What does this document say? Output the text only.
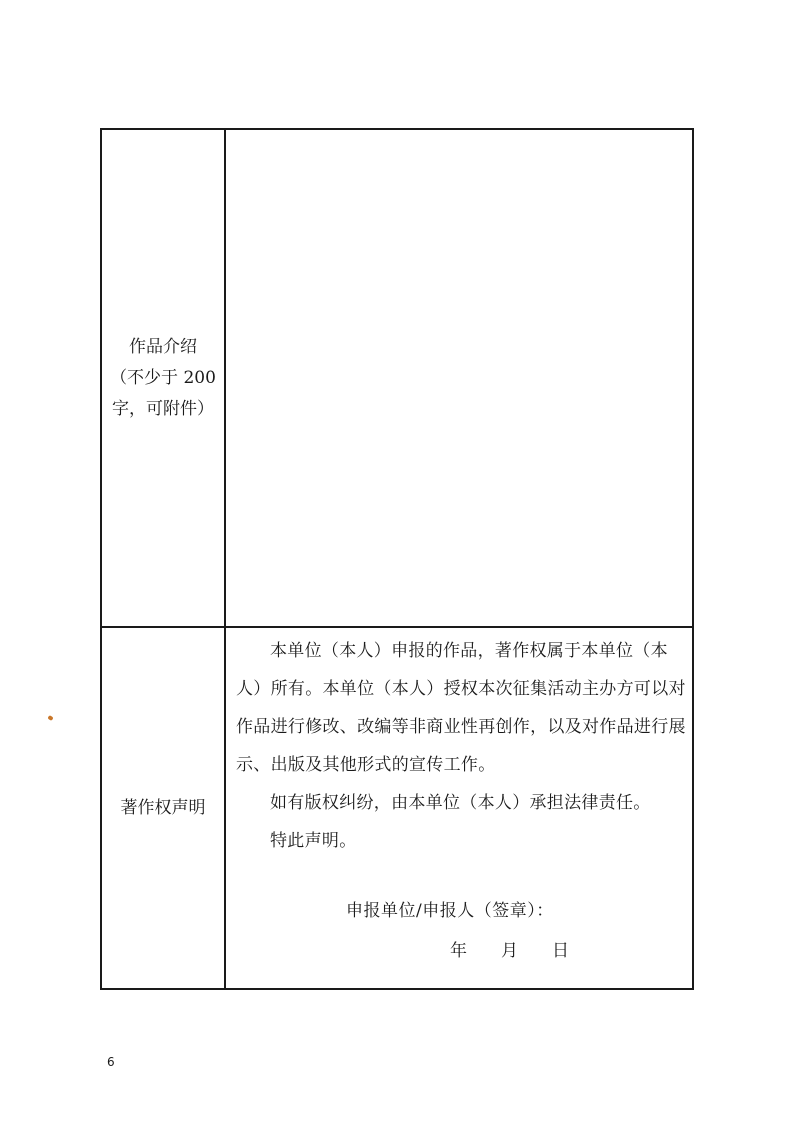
作品介绍
（不少于 200
字，可附件）
著作权声明

本单位（本人）申报的作品，著作权属于本单位（本人）所有。本单位（本人）授权本次征集活动主办方可以对作品进行修改、改编等非商业性再创作，以及对作品进行展示、出版及其他形式的宣传工作。

如有版权纠纷，由本单位（本人）承担法律责任。

特此声明。

申报单位/申报人（签章）：
年 月 日
6
